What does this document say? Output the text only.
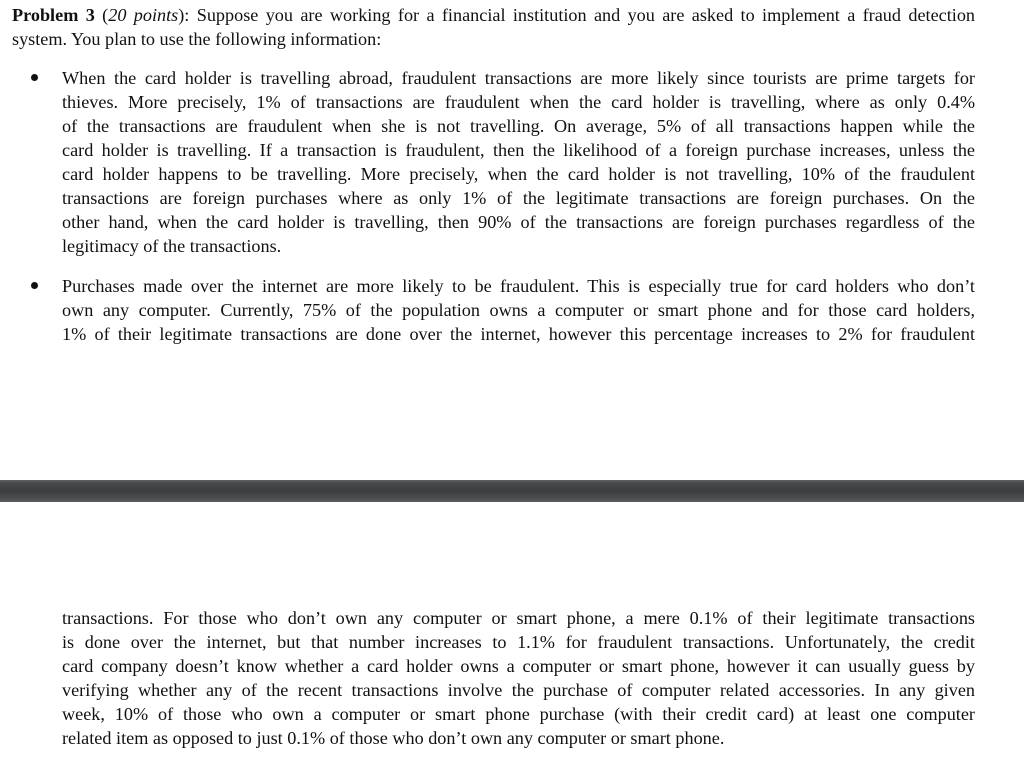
Problem 3 (20 points): Suppose you are working for a financial institution and you are asked to implement a fraud detection
system. You plan to use the following information:
When the card holder is travelling abroad, fraudulent transactions are more likely since tourists are prime targets for
thieves. More precisely, 1% of transactions are fraudulent when the card holder is travelling, where as only 0.4%
of the transactions are fraudulent when she is not travelling. On average, 5% of all transactions happen while the
card holder is travelling. If a transaction is fraudulent, then the likelihood of a foreign purchase increases, unless the
card holder happens to be travelling. More precisely, when the card holder is not travelling, 10% of the fraudulent
transactions are foreign purchases where as only 1% of the legitimate transactions are foreign purchases. On the
other hand, when the card holder is travelling, then 90% of the transactions are foreign purchases regardless of the
legitimacy of the transactions.
Purchases made over the internet are more likely to be fraudulent. This is especially true for card holders who don’t
own any computer. Currently, 75% of the population owns a computer or smart phone and for those card holders,
1% of their legitimate transactions are done over the internet, however this percentage increases to 2% for fraudulent
transactions. For those who don’t own any computer or smart phone, a mere 0.1% of their legitimate transactions
is done over the internet, but that number increases to 1.1% for fraudulent transactions. Unfortunately, the credit
card company doesn’t know whether a card holder owns a computer or smart phone, however it can usually guess by
verifying whether any of the recent transactions involve the purchase of computer related accessories. In any given
week, 10% of those who own a computer or smart phone purchase (with their credit card) at least one computer
related item as opposed to just 0.1% of those who don’t own any computer or smart phone.
